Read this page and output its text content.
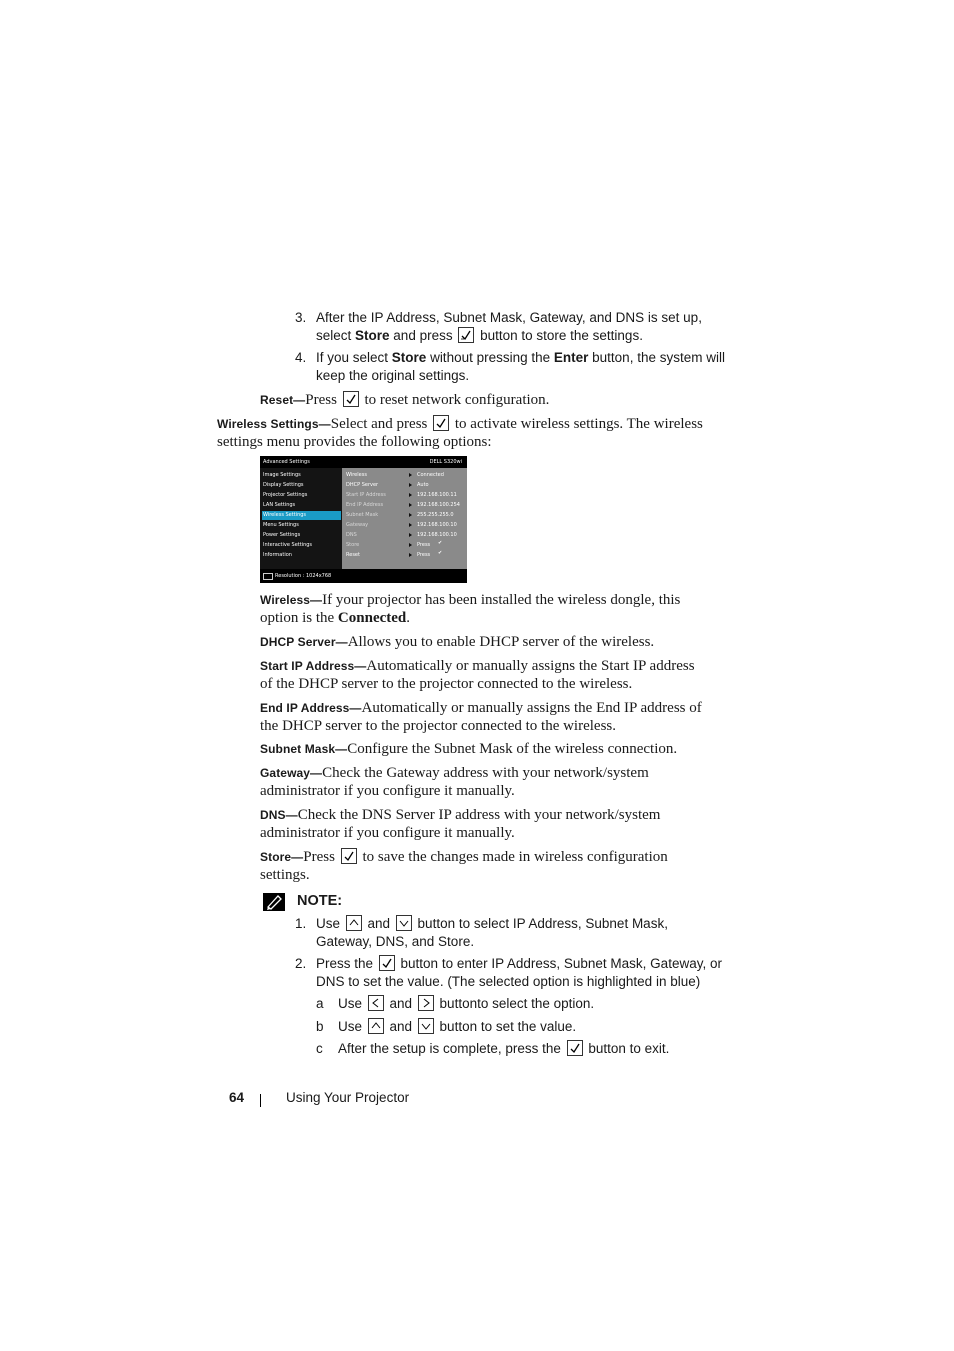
3. After the IP Address, Subnet Mask, Gateway, and DNS is set up,
select Store and press
button to store the settings.
4. If you select Store without pressing the Enter button, the system will
keep the original settings.
Reset—Press
to reset network configuration.
Wireless Settings—Select and press
to activate wireless settings. The wireless
settings menu provides the following options:
Advanced Settings	DELL S320wi
Image Settings
Display Settings
Projector Settings
LAN Settings
Wireless Settings
Menu Settings
Power Settings
Interactive Settings
Information
Wireless	Connected
DHCP Server	Auto
Start IP Address	192.168.100.11
End IP Address	192.168.100.254
Subnet Mask	255.255.255.0
Gateway	192.168.100.10
DNS	192.168.100.10
Store	Press ✔
Reset	Press ✔
Resolution : 1024x768
Wireless—If your projector has been installed the wireless dongle, this
option is the Connected.
DHCP Server—Allows you to enable DHCP server of the wireless.
Start IP Address—Automatically or manually assigns the Start IP address
of the DHCP server to the projector connected to the wireless.
End IP Address—Automatically or manually assigns the End IP address of
the DHCP server to the projector connected to the wireless.
Subnet Mask—Configure the Subnet Mask of the wireless connection.
Gateway—Check the Gateway address with your network/system
administrator if you configure it manually.
DNS—Check the DNS Server IP address with your network/system
administrator if you configure it manually.
Store—Press
to save the changes made in wireless configuration
settings.
NOTE:
1. Use
and
button to select IP Address, Subnet Mask,
Gateway, DNS, and Store.
2. Press the
button to enter IP Address, Subnet Mask, Gateway, or
DNS to set the value. (The selected option is highlighted in blue)
a Use
and
buttonto select the option.
b Use
and
button to set the value.
c After the setup is complete, press the
button to exit.
64	Using Your Projector
